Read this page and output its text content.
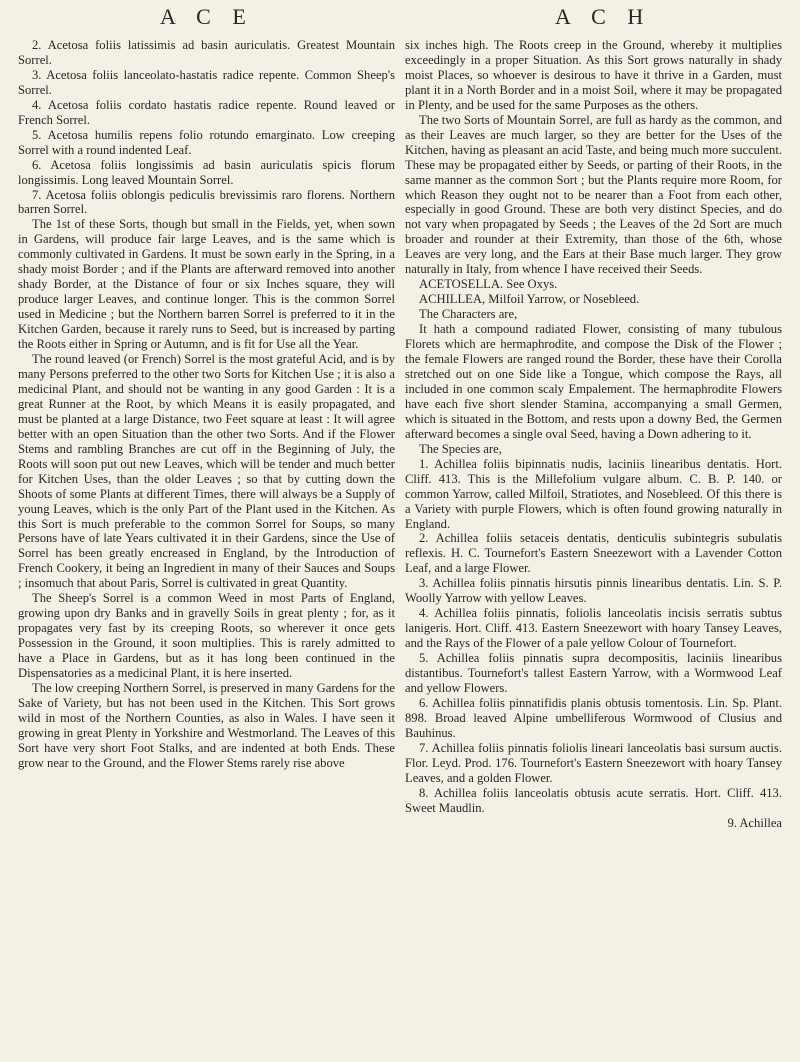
A C E	A C H

2. Acetosa foliis latissimis ad basin auriculatis. Greatest Mountain Sorrel.

3. Acetosa foliis lanceolato-hastatis radice repente. Common Sheep's Sorrel.

4. Acetosa foliis cordato hastatis radice repente. Round leaved or French Sorrel.

5. Acetosa humilis repens folio rotundo emarginato. Low creeping Sorrel with a round indented Leaf.

6. Acetosa foliis longissimis ad basin auriculatis spicis florum longissimis. Long leaved Mountain Sorrel.

7. Acetosa foliis oblongis pediculis brevissimis raro florens. Northern barren Sorrel.

The 1st of these Sorts, though but small in the Fields, yet, when sown in Gardens, will produce fair large Leaves, and is the same which is commonly cultivated in Gardens. It must be sown early in the Spring, in a shady moist Border ; and if the Plants are afterward removed into another shady Border, at the Distance of four or six Inches square, they will produce larger Leaves, and continue longer. This is the common Sorrel used in Medicine ; but the Northern barren Sorrel is preferred to it in the Kitchen Garden, because it rarely runs to Seed, but is increased by parting the Roots either in Spring or Autumn, and is fit for Use all the Year.

The round leaved (or French) Sorrel is the most grateful Acid, and is by many Persons preferred to the other two Sorts for Kitchen Use ; it is also a medicinal Plant, and should not be wanting in any good Garden : It is a great Runner at the Root, by which Means it is easily propagated, and must be planted at a large Distance, two Feet square at least : It will agree better with an open Situation than the other two Sorts. And if the Flower Stems and rambling Branches are cut off in the Beginning of July, the Roots will soon put out new Leaves, which will be tender and much better for Kitchen Uses, than the older Leaves ; so that by cutting down the Shoots of some Plants at different Times, there will always be a Supply of young Leaves, which is the only Part of the Plant used in the Kitchen. As this Sort is much preferable to the common Sorrel for Soups, so many Persons have of late Years cultivated it in their Gardens, since the Use of Sorrel has been greatly encreased in England, by the Introduction of French Cookery, it being an Ingredient in many of their Sauces and Soups ; insomuch that about Paris, Sorrel is cultivated in great Quantity.

The Sheep's Sorrel is a common Weed in most Parts of England, growing upon dry Banks and in gravelly Soils in great plenty ; for, as it propagates very fast by its creeping Roots, so wherever it once gets Possession in the Ground, it soon multiplies. This is rarely admitted to have a Place in Gardens, but as it has long been continued in the Dispensatories as a medicinal Plant, it is here inserted.

The low creeping Northern Sorrel, is preserved in many Gardens for the Sake of Variety, but has not been used in the Kitchen. This Sort grows wild in most of the Northern Counties, as also in Wales. I have seen it growing in great Plenty in Yorkshire and Westmorland. The Leaves of this Sort have very short Foot Stalks, and are indented at both Ends. These grow near to the Ground, and the Flower Stems rarely rise above

six inches high. The Roots creep in the Ground, whereby it multiplies exceedingly in a proper Situation. As this Sort grows naturally in shady moist Places, so whoever is desirous to have it thrive in a Garden, must plant it in a North Border and in a moist Soil, where it may be propagated in Plenty, and be used for the same Purposes as the others.

The two Sorts of Mountain Sorrel, are full as hardy as the common, and as their Leaves are much larger, so they are better for the Uses of the Kitchen, having as pleasant an acid Taste, and being much more succulent. These may be propagated either by Seeds, or parting of their Roots, in the same manner as the common Sort ; but the Plants require more Room, for which Reason they ought not to be nearer than a Foot from each other, especially in good Ground. These are both very distinct Species, and do not vary when propagated by Seeds ; the Leaves of the 2d Sort are much broader and rounder at their Extremity, than those of the 6th, whose Leaves are very long, and the Ears at their Base much larger. They grow naturally in Italy, from whence I have received their Seeds.

ACETOSELLA. See Oxys.

ACHILLEA, Milfoil Yarrow, or Nosebleed.

The Characters are,

It hath a compound radiated Flower, consisting of many tubulous Florets which are hermaphrodite, and compose the Disk of the Flower ; the female Flowers are ranged round the Border, these have their Corolla stretched out on one Side like a Tongue, which compose the Rays, all included in one common scaly Empalement. The hermaphrodite Flowers have each five short slender Stamina, accompanying a small Germen, which is situated in the Bottom, and rests upon a downy Bed, the Germen afterward becomes a single oval Seed, having a Down adhering to it.

The Species are,

1. Achillea foliis bipinnatis nudis, laciniis linearibus dentatis. Hort. Cliff. 413. This is the Millefolium vulgare album. C. B. P. 140. or common Yarrow, called Milfoil, Stratiotes, and Nosebleed. Of this there is a Variety with purple Flowers, which is often found growing naturally in England.

2. Achillea foliis setaceis dentatis, denticulis subintegris subulatis reflexis. H. C. Tournefort's Eastern Sneezewort with a Lavender Cotton Leaf, and a large Flower.

3. Achillea foliis pinnatis hirsutis pinnis linearibus dentatis. Lin. S. P. Woolly Yarrow with yellow Leaves.

4. Achillea foliis pinnatis, foliolis lanceolatis incisis serratis subtus lanigeris. Hort. Cliff. 413. Eastern Sneezewort with hoary Tansey Leaves, and the Rays of the Flower of a pale yellow Colour of Tournefort.

5. Achillea foliis pinnatis supra decompositis, laciniis linearibus distantibus. Tournefort's tallest Eastern Yarrow, with a Wormwood Leaf and yellow Flowers.

6. Achillea foliis pinnatifidis planis obtusis tomentosis. Lin. Sp. Plant. 898. Broad leaved Alpine umbelliferous Wormwood of Clusius and Bauhinus.

7. Achillea foliis pinnatis foliolis lineari lanceolatis basi sursum auctis. Flor. Leyd. Prod. 176. Tournefort's Eastern Sneezewort with hoary Tansey Leaves, and a golden Flower.

8. Achillea foliis lanceolatis obtusis acute serratis. Hort. Cliff. 413. Sweet Maudlin.

9. Achillea
